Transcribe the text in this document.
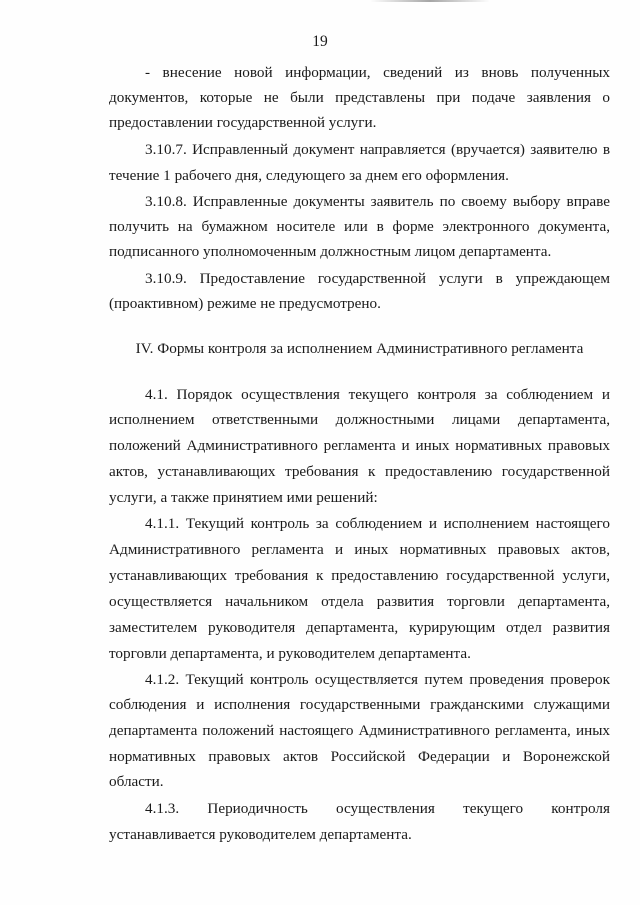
19
- внесение новой информации, сведений из вновь полученных
документов, которые не были представлены при подаче заявления о
предоставлении государственной услуги.
3.10.7. Исправленный документ направляется (вручается) заявителю в
течение 1 рабочего дня, следующего за днем его оформления.
3.10.8. Исправленные документы заявитель по своему выбору вправе
получить на бумажном носителе или в форме электронного документа,
подписанного уполномоченным должностным лицом департамента.
3.10.9. Предоставление государственной услуги в упреждающем
(проактивном) режиме не предусмотрено.
IV. Формы контроля за исполнением Административного регламента
4.1. Порядок осуществления текущего контроля за соблюдением и
исполнением ответственными должностными лицами департамента,
положений Административного регламента и иных нормативных правовых
актов, устанавливающих требования к предоставлению государственной
услуги, а также принятием ими решений:
4.1.1. Текущий контроль за соблюдением и исполнением настоящего
Административного регламента и иных нормативных правовых актов,
устанавливающих требования к предоставлению государственной услуги,
осуществляется начальником отдела развития торговли департамента,
заместителем руководителя департамента, курирующим отдел развития
торговли департамента, и руководителем департамента.
4.1.2. Текущий контроль осуществляется путем проведения проверок
соблюдения и исполнения государственными гражданскими служащими
департамента положений настоящего Административного регламента, иных
нормативных правовых актов Российской Федерации и Воронежской
области.
4.1.3. Периодичность осуществления текущего контроля
устанавливается руководителем департамента.
